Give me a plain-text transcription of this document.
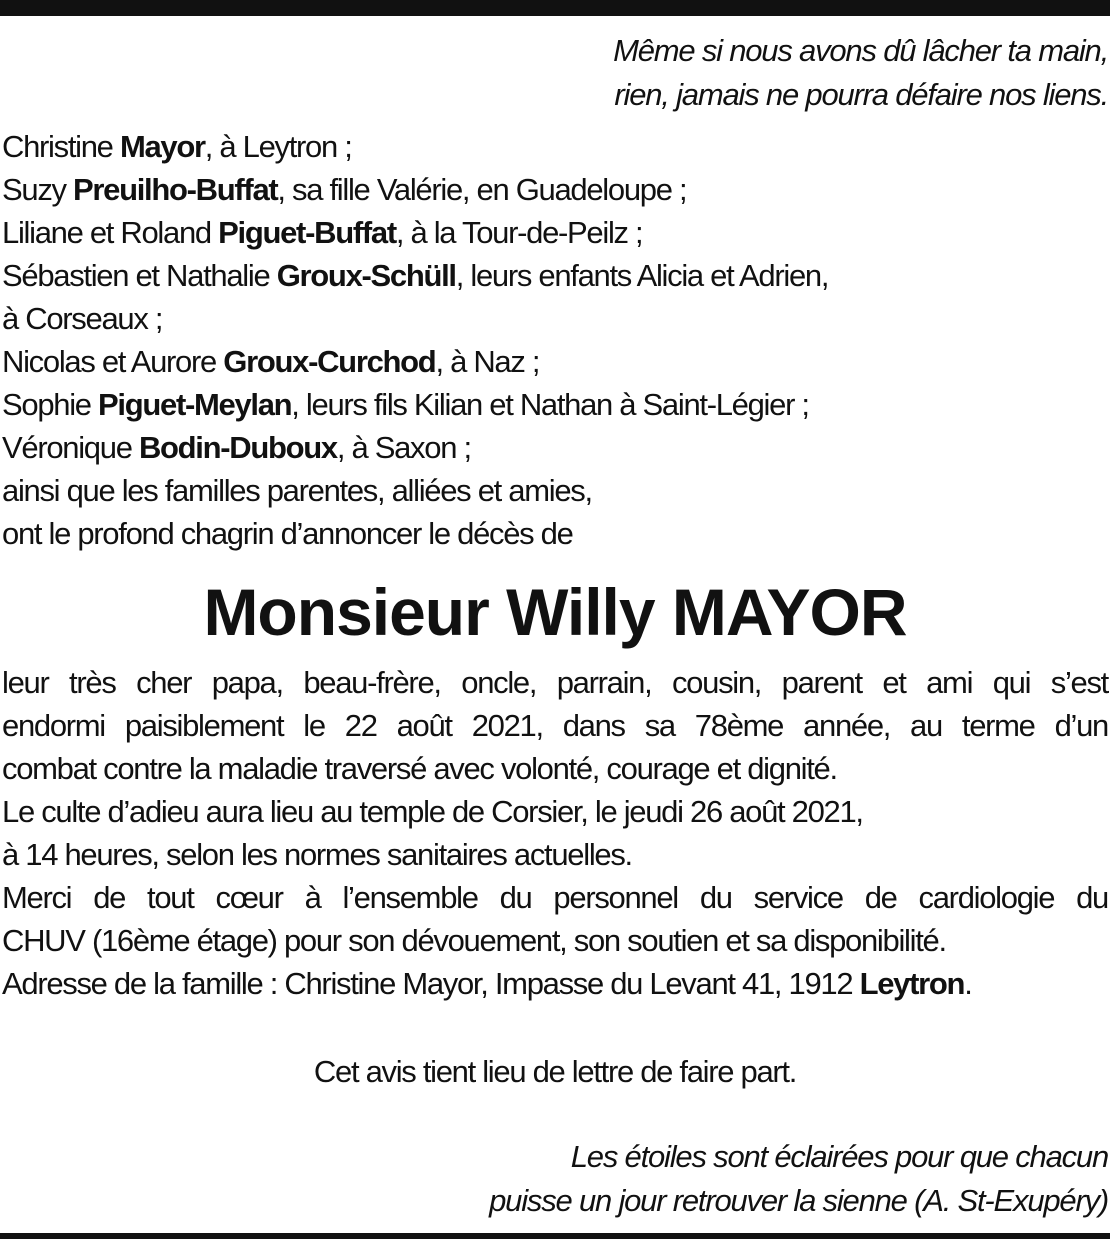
Même si nous avons dû lâcher ta main,
rien, jamais ne pourra défaire nos liens.
Christine Mayor, à Leytron ;
Suzy Preuilho-Buffat, sa fille Valérie, en Guadeloupe ;
Liliane et Roland Piguet-Buffat, à la Tour-de-Peilz ;
Sébastien et Nathalie Groux-Schüll, leurs enfants Alicia et Adrien,
à Corseaux ;
Nicolas et Aurore Groux-Curchod, à Naz ;
Sophie Piguet-Meylan, leurs fils Kilian et Nathan à Saint-Légier ;
Véronique Bodin-Duboux, à Saxon ;
ainsi que les familles parentes, alliées et amies,
ont le profond chagrin d’annoncer le décès de
Monsieur Willy MAYOR
leur très cher papa, beau-frère, oncle, parrain, cousin, parent et ami qui s’est
endormi paisiblement le 22 août 2021, dans sa 78ème année, au terme d’un
combat contre la maladie traversé avec volonté, courage et dignité.
Le culte d’adieu aura lieu au temple de Corsier, le jeudi 26 août 2021,
à 14 heures, selon les normes sanitaires actuelles.
Merci de tout cœur à l’ensemble du personnel du service de cardiologie du
CHUV (16ème étage) pour son dévouement, son soutien et sa disponibilité.
Adresse de la famille : Christine Mayor, Impasse du Levant 41, 1912 Leytron.
Cet avis tient lieu de lettre de faire part.
Les étoiles sont éclairées pour que chacun
puisse un jour retrouver la sienne (A. St-Exupéry)
